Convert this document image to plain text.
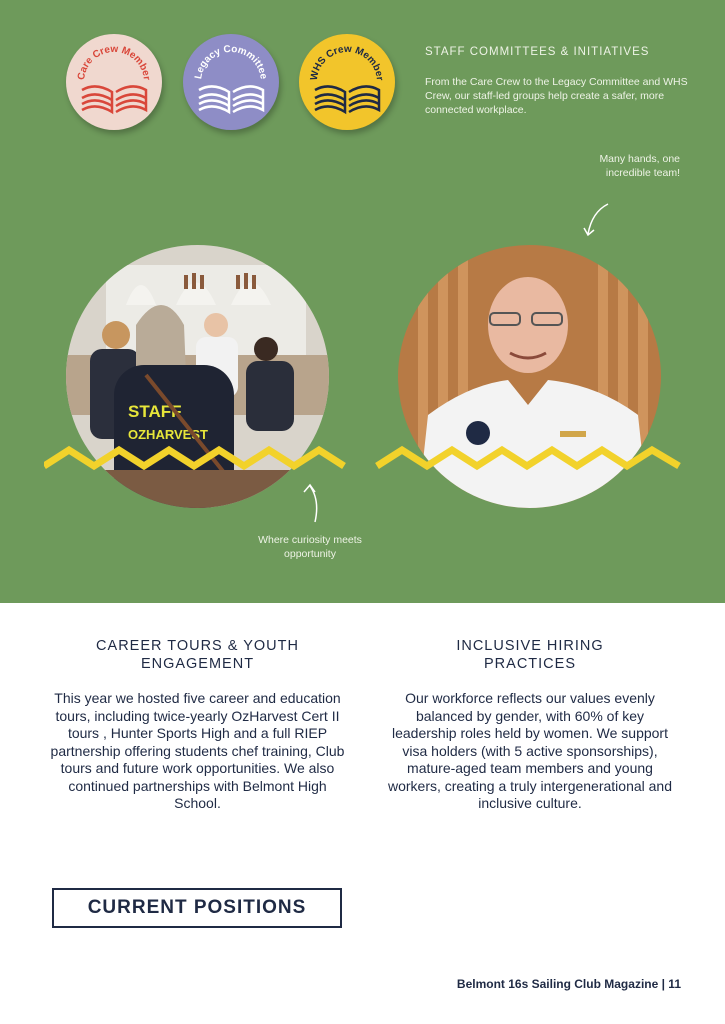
Care Crew Member	Legacy Committee	WHS Crew Member
STAFF COMMITTEES & INITIATIVES
From the Care Crew to the Legacy Committee and WHS Crew, our staff-led groups help create a safer, more connected workplace.
Many hands, one incredible team!
STAFF
OZHARVEST
Where curiosity meets opportunity
CAREER TOURS & YOUTH ENGAGEMENT
This year we hosted five career and education tours, including twice-yearly OzHarvest Cert II tours , Hunter Sports High and a full RIEP partnership offering students chef training, Club tours and future work opportunities. We also continued partnerships with Belmont High School.
INCLUSIVE HIRING PRACTICES
Our workforce reflects our values evenly balanced by gender, with 60% of key leadership roles held by women. We support visa holders (with 5 active sponsorships), mature-aged team members and young workers, creating a truly intergenerational and inclusive culture.
CURRENT POSITIONS
Belmont 16s Sailing Club Magazine | 11
